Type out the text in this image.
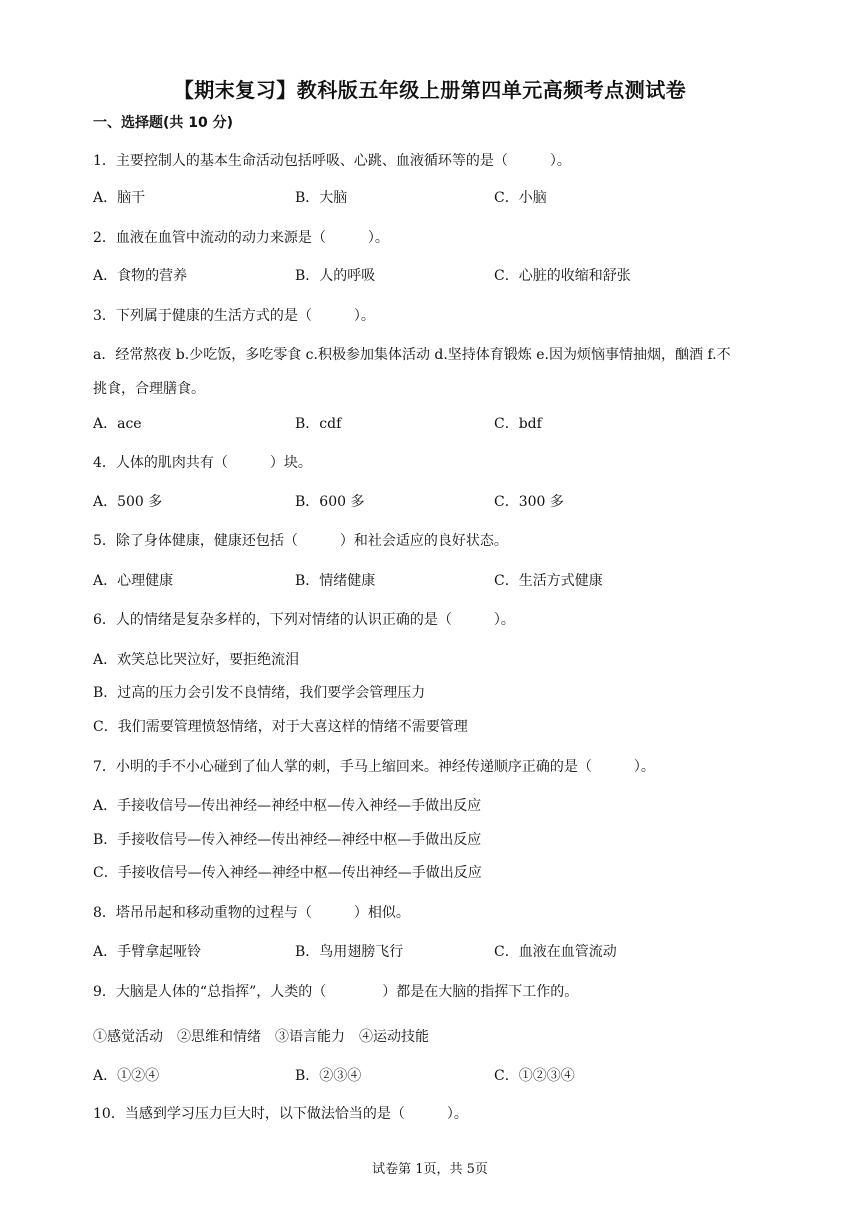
【期末复习】教科版五年级上册第四单元高频考点测试卷
一、选择题(共 10 分)
1．主要控制人的基本生命活动包括呼吸、心跳、血液循环等的是（　　　）。
A．脑干	B．大脑	C．小脑
2．血液在血管中流动的动力来源是（　　　）。
A．食物的营养	B．人的呼吸	C．心脏的收缩和舒张
3．下列属于健康的生活方式的是（　　　）。
a．经常熬夜 b.少吃饭，多吃零食 c.积极参加集体活动 d.坚持体育锻炼 e.因为烦恼事情抽烟，酗酒 f.不
挑食，合理膳食。
A．ace	B．cdf	C．bdf
4．人体的肌肉共有（　　　）块。
A．500 多	B．600 多	C．300 多
5．除了身体健康，健康还包括（　　　）和社会适应的良好状态。
A．心理健康	B．情绪健康	C．生活方式健康
6．人的情绪是复杂多样的，下列对情绪的认识正确的是（　　　）。
A．欢笑总比哭泣好，要拒绝流泪
B．过高的压力会引发不良情绪，我们要学会管理压力
C．我们需要管理愤怒情绪，对于大喜这样的情绪不需要管理
7．小明的手不小心碰到了仙人掌的刺，手马上缩回来。神经传递顺序正确的是（　　　）。
A．手接收信号—传出神经—神经中枢—传入神经—手做出反应
B．手接收信号—传入神经—传出神经—神经中枢—手做出反应
C．手接收信号—传入神经—神经中枢—传出神经—手做出反应
8．塔吊吊起和移动重物的过程与（　　　）相似。
A．手臂拿起哑铃	B．鸟用翅膀飞行	C．血液在血管流动
9．大脑是人体的“总指挥”，人类的（　　　　）都是在大脑的指挥下工作的。
①感觉活动　②思维和情绪　③语言能力　④运动技能
A．①②④	B．②③④	C．①②③④
10．当感到学习压力巨大时，以下做法恰当的是（　　　）。
试卷第 1页，共 5页
